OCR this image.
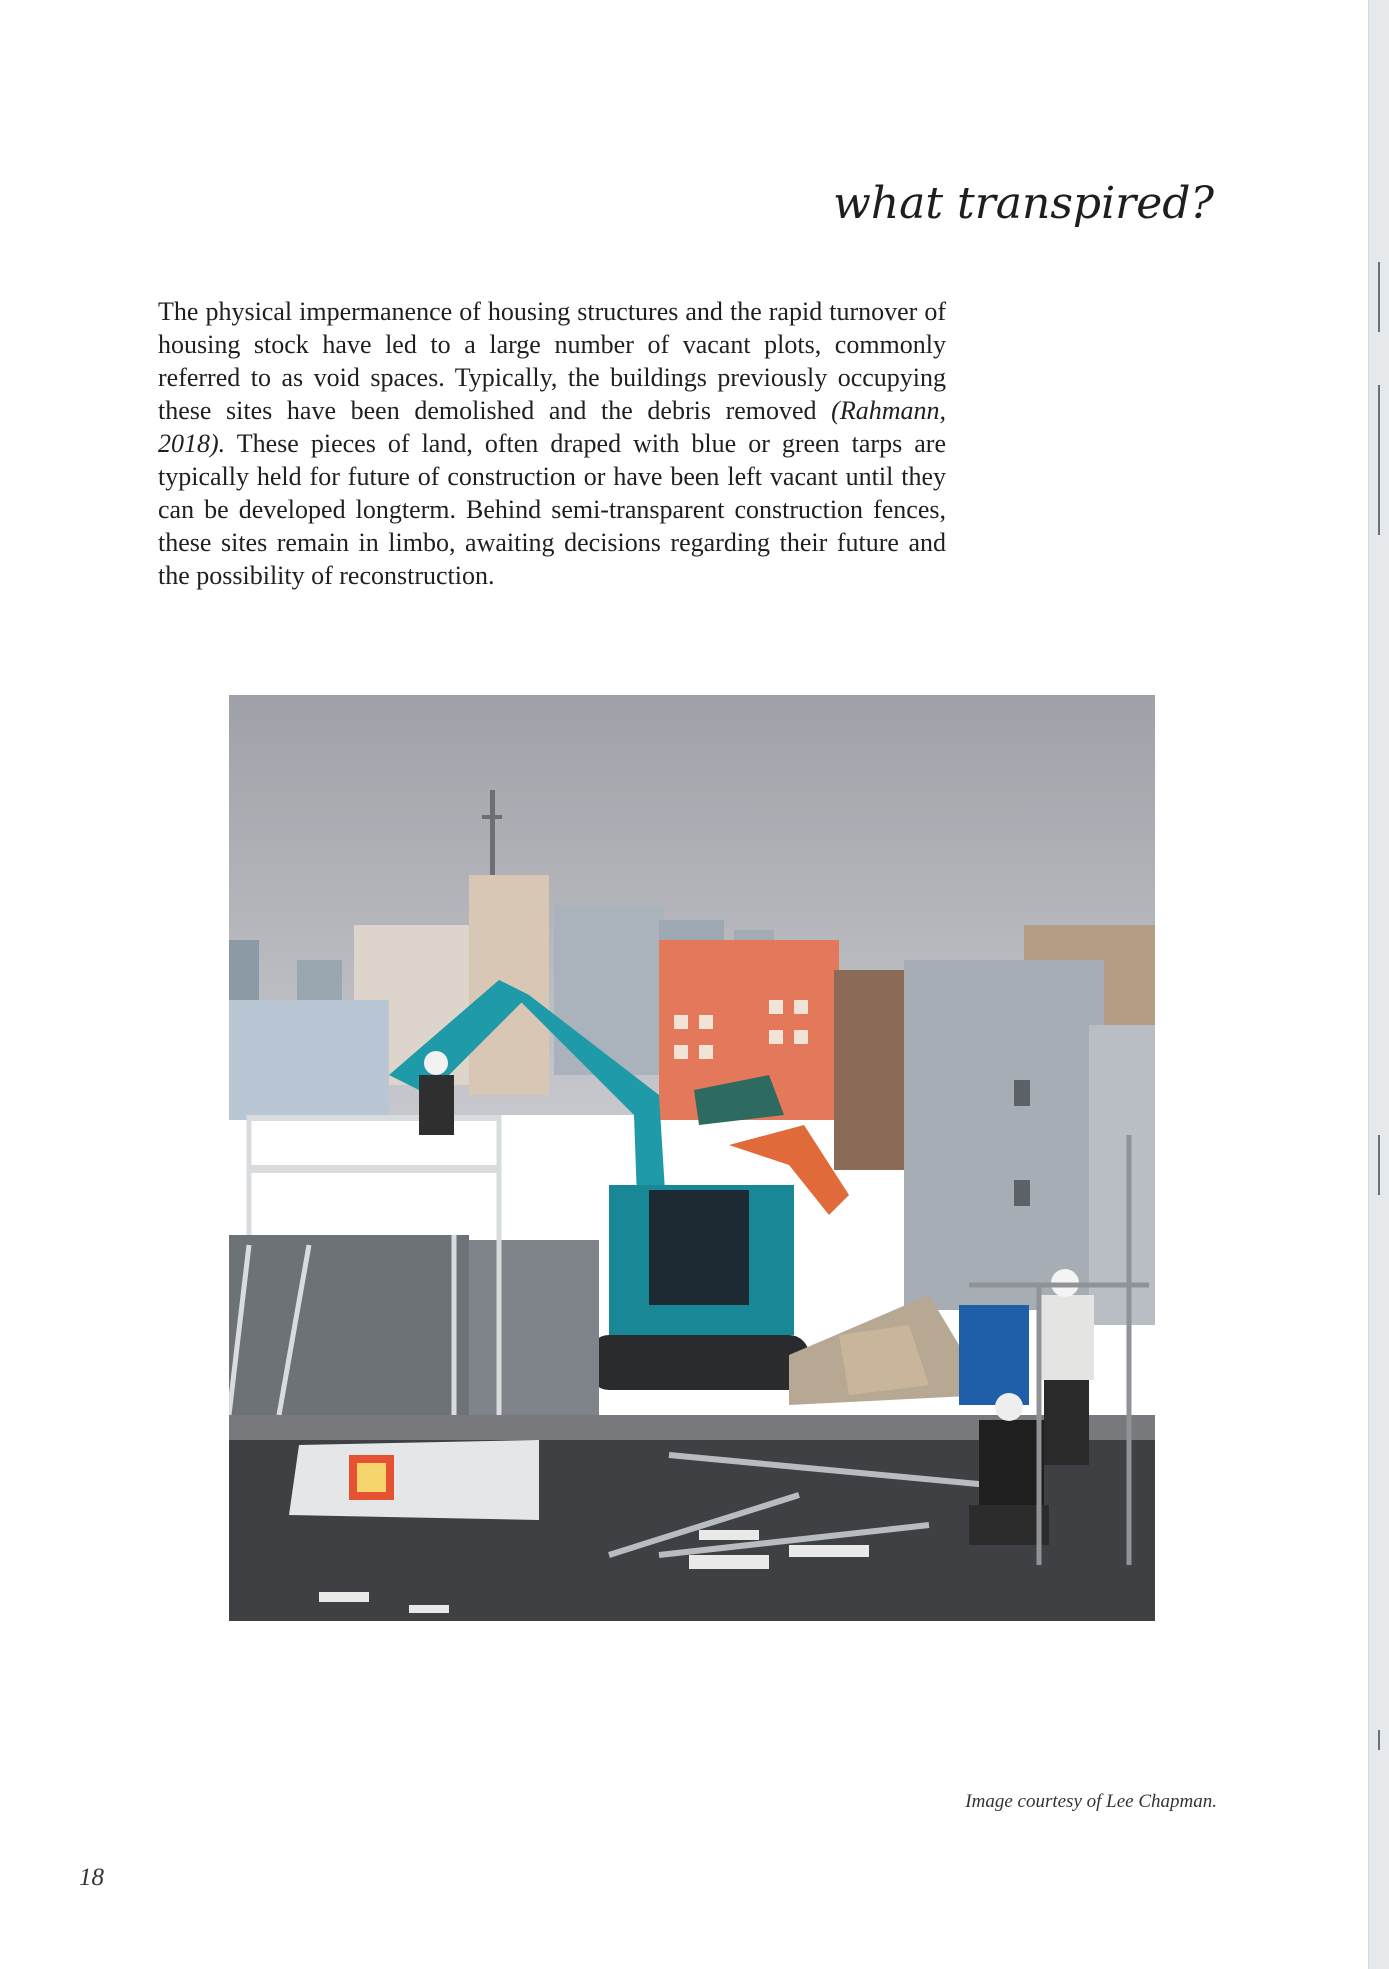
what transpired?

The physical impermanence of housing structures and the rapid turnover of housing stock have led to a large number of vacant plots, commonly referred to as void spaces. Typically, the buildings previously occupying these sites have been demolished and the debris removed (Rahmann, 2018). These pieces of land, often draped with blue or green tarps are typically held for future of construction or have been left vacant until they can be developed longterm. Behind semi-transparent construction fences, these sites remain in limbo, awaiting decisions regarding their future and the possibility of reconstruction.

Image courtesy of Lee Chapman.
18
